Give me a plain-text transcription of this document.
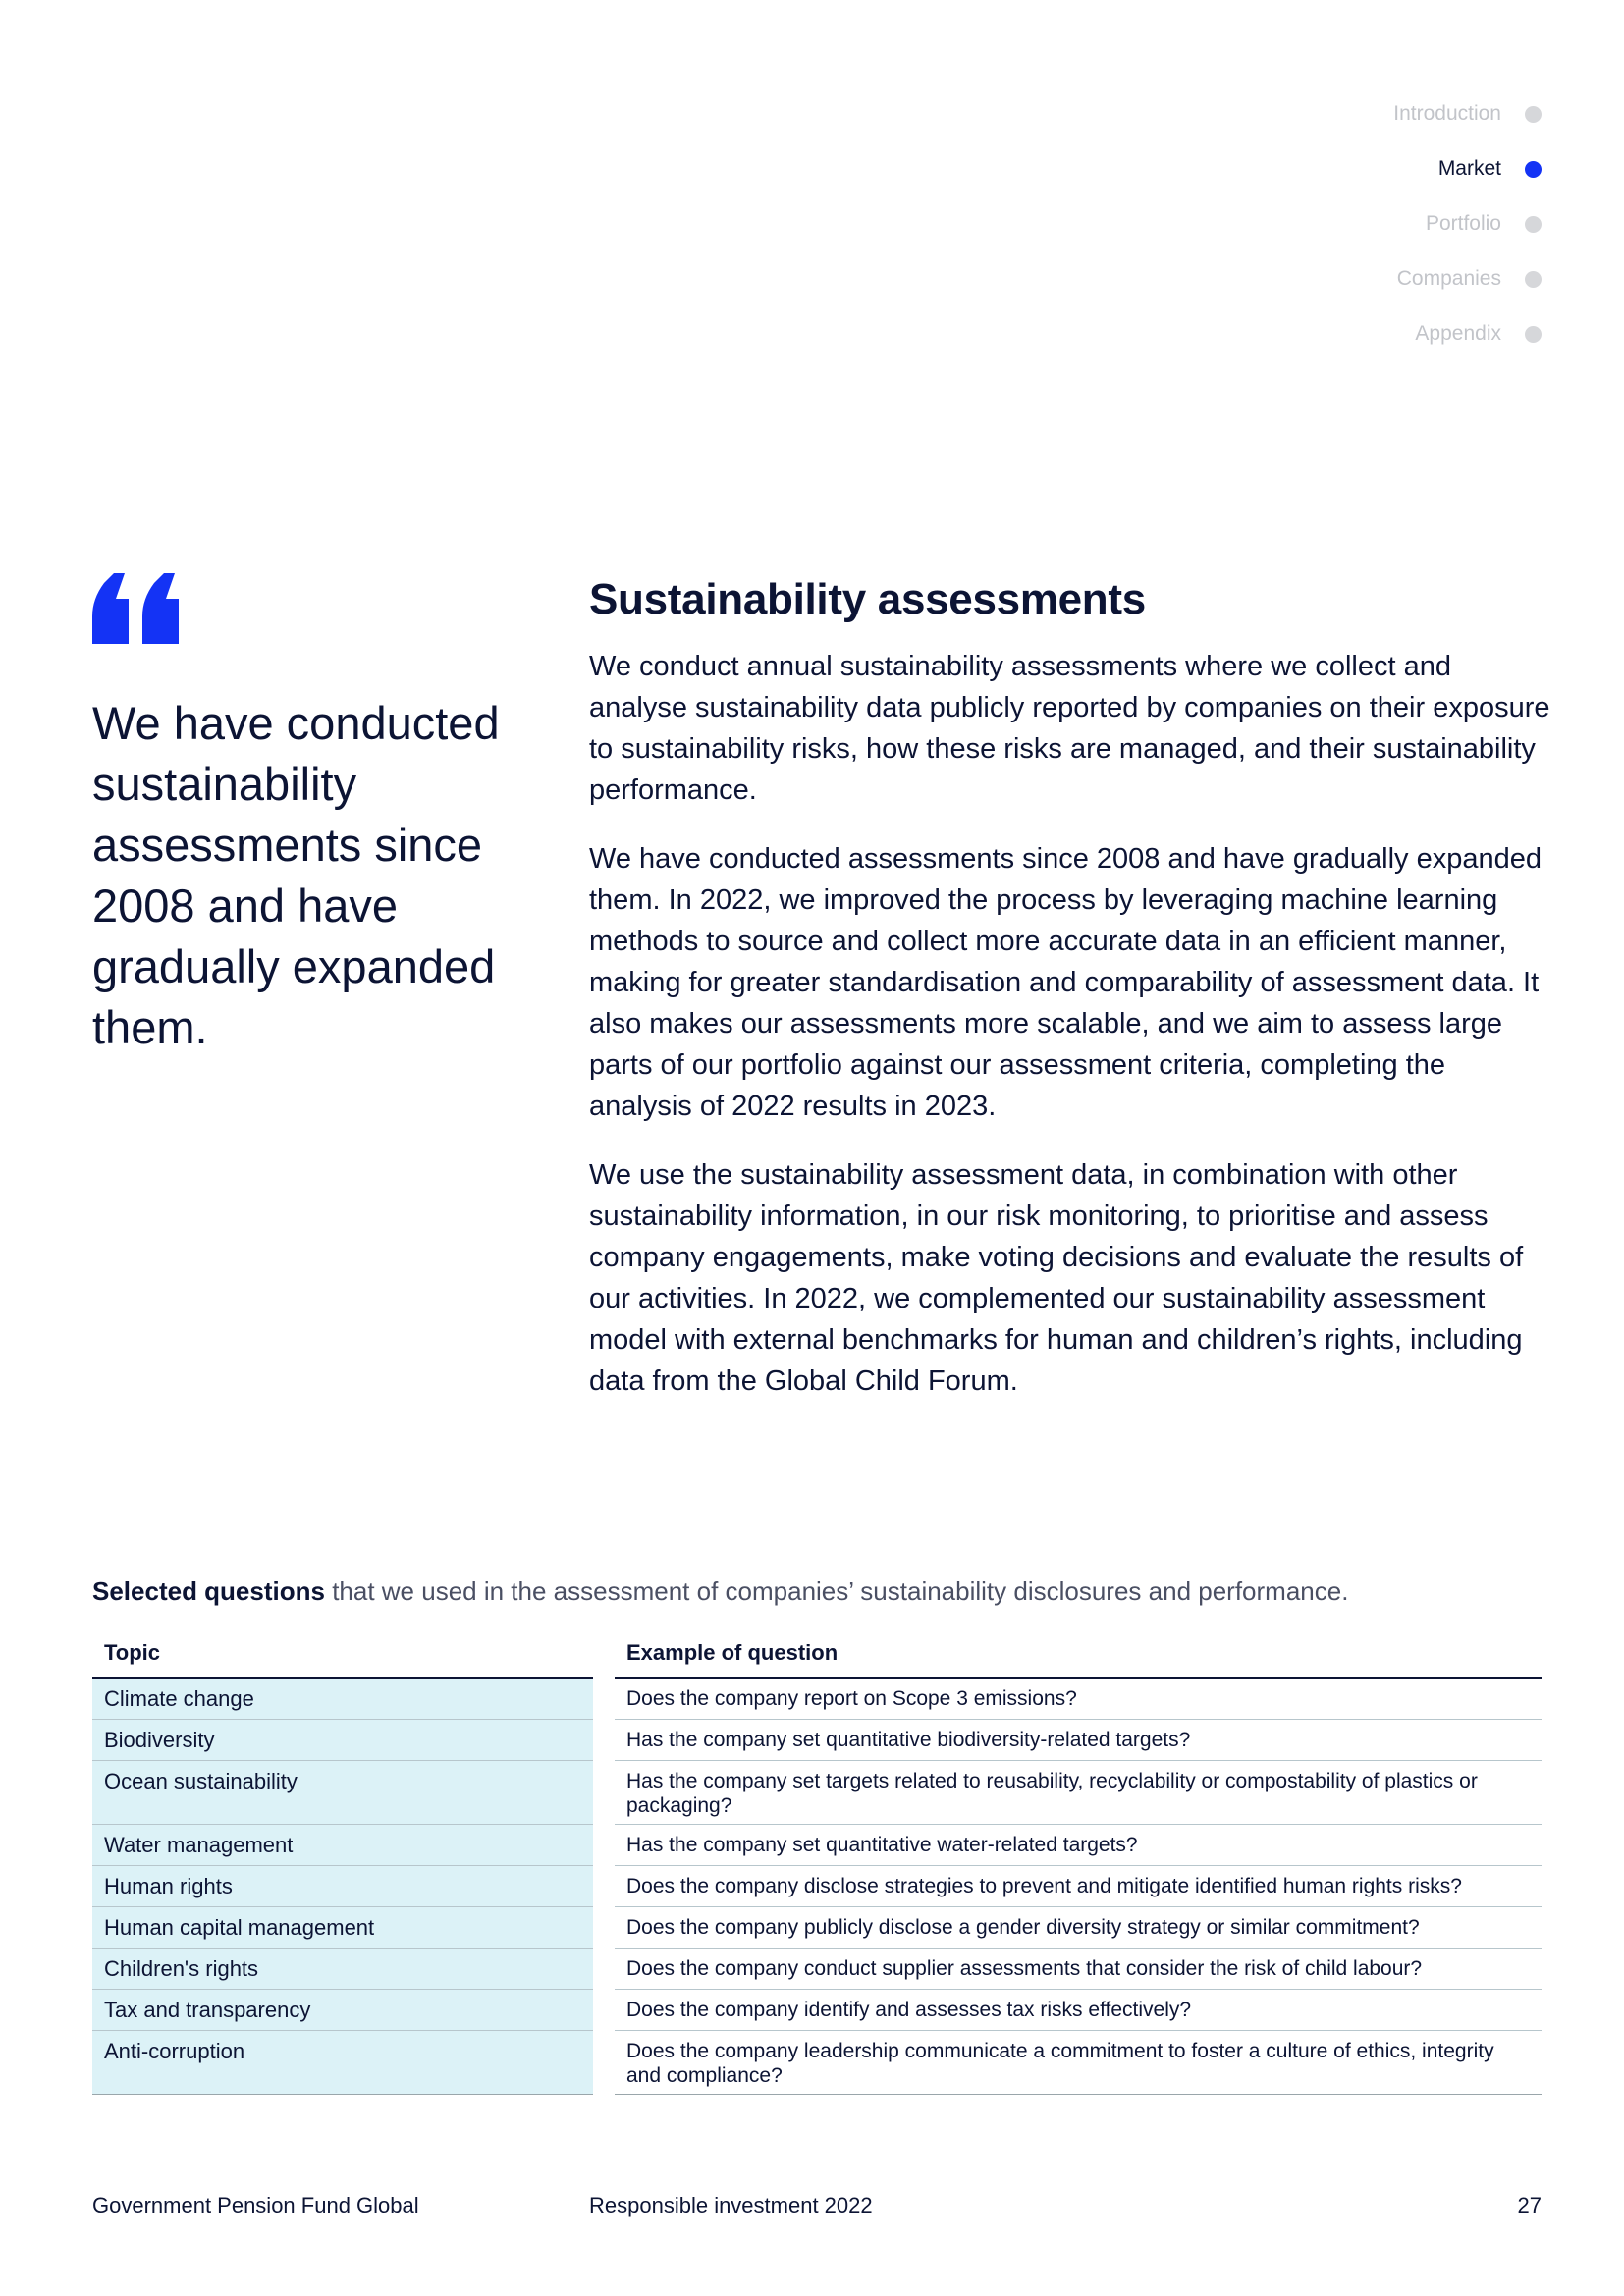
Introduction
Market
Portfolio
Companies
Appendix

We have conducted sustainability assessments since 2008 and have gradually expanded them.

Sustainability assessments

We conduct annual sustainability assessments where we collect and analyse sustainability data publicly reported by companies on their exposure to sustainability risks, how these risks are managed, and their sustainability performance.

We have conducted assessments since 2008 and have gradually expanded them. In 2022, we improved the process by leveraging machine learning methods to source and collect more accurate data in an efficient manner, making for greater standardisation and comparability of assessment data. It also makes our assessments more scalable, and we aim to assess large parts of our portfolio against our assessment criteria, completing the analysis of 2022 results in 2023.

We use the sustainability assessment data, in combination with other sustainability information, in our risk monitoring, to prioritise and assess company engagements, make voting decisions and evaluate the results of our activities. In 2022, we complemented our sustainability assessment model with external benchmarks for human and children’s rights, including data from the Global Child Forum.

Selected questions that we used in the assessment of companies’ sustainability disclosures and performance.
Topic	Example of question
Climate change	Does the company report on Scope 3 emissions?
Biodiversity	Has the company set quantitative biodiversity-related targets?
Ocean sustainability	Has the company set targets related to reusability, recyclability or compostability of plastics or packaging?
Water management	Has the company set quantitative water-related targets?
Human rights	Does the company disclose strategies to prevent and mitigate identified human rights risks?
Human capital management	Does the company publicly disclose a gender diversity strategy or similar commitment?
Children's rights	Does the company conduct supplier assessments that consider the risk of child labour?
Tax and transparency	Does the company identify and assesses tax risks effectively?
Anti-corruption	Does the company leadership communicate a commitment to foster a culture of ethics, integrity and compliance?
Government Pension Fund Global	Responsible investment 2022	27
